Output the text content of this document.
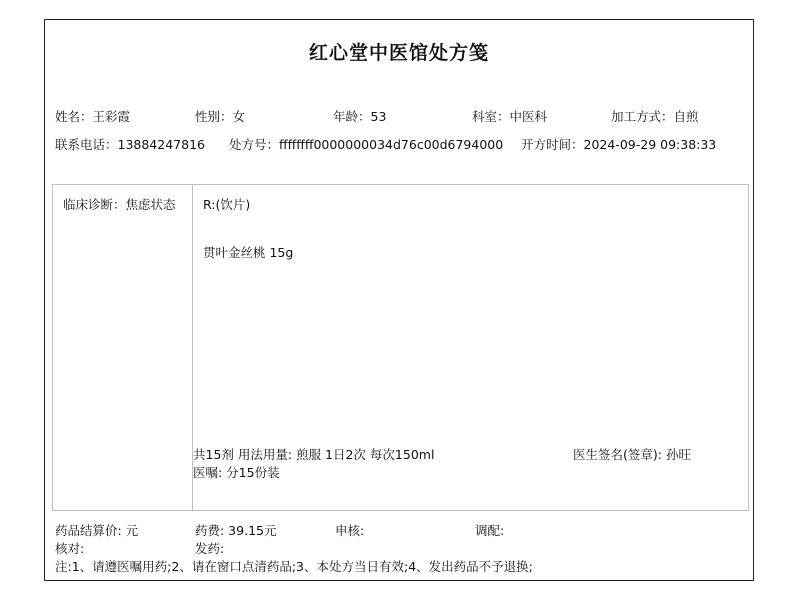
红心堂中医馆处方笺
姓名：王彩霞	性别：女	年龄：53	科室：中医科	加工方式：自煎
联系电话：13884247816 处方号：ffffffff0000000034d76c00d6794000 开方时间：2024-09-29 09:38:33
临床诊断：焦虑状态 R:(饮片)
贯叶金丝桃 15g
共15剂 用法用量: 煎服 1日2次 每次150ml	医生签名(签章): 孙旺
医嘱: 分15份装
药品结算价: 元	药费: 39.15元	申核:	调配:
核对:	发药:
注:1、请遵医嘱用药;2、请在窗口点清药品;3、本处方当日有效;4、发出药品不予退换;
